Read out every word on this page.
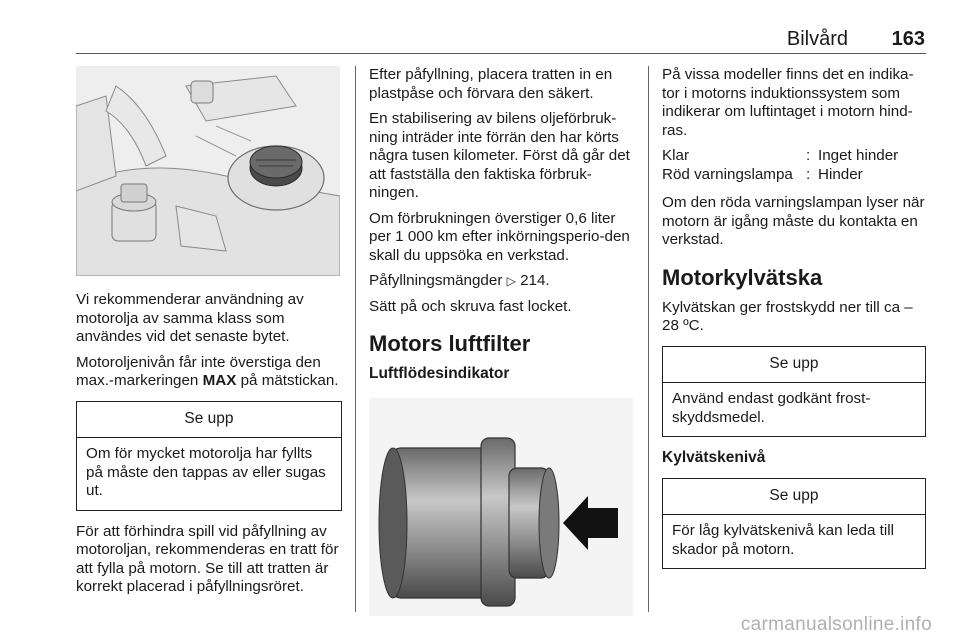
Bilvård 163

Vi rekommenderar användning av motorolja av samma klass som användes vid det senaste bytet.

Motoroljenivån får inte överstiga den max.-markeringen MAX på mätstickan.

Se upp
Om för mycket motorolja har fyllts på måste den tappas av eller sugas ut.

För att förhindra spill vid påfyllning av motoroljan, rekommenderas en tratt för att fylla på motorn. Se till att tratten är korrekt placerad i påfyllningsröret.

Efter påfyllning, placera tratten in en plastpåse och förvara den säkert.

En stabilisering av bilens oljeförbruk-ning inträder inte förrän den har körts några tusen kilometer. Först då går det att fastställa den faktiska förbruk-ningen.

Om förbrukningen överstiger 0,6 liter per 1 000 km efter inkörningsperio-den skall du uppsöka en verkstad.

Påfyllningsmängder ▷ 214.

Sätt på och skruva fast locket.

Motors luftfilter
Luftflödesindikator

På vissa modeller finns det en indika-tor i motorns induktionssystem som indikerar om luftintaget i motorn hind-ras.

Klar	:	Inget hinder
Röd varningslampa	:	Hinder

Om den röda varningslampan lyser när motorn är igång måste du kontakta en verkstad.

Motorkylvätska

Kylvätskan ger frostskydd ner till ca –28 ºC.

Se upp
Använd endast godkänt frost-skyddsmedel.
Kylvätskenivå
Se upp
För låg kylvätskenivå kan leda till skador på motorn.
carmanualsonline.info
